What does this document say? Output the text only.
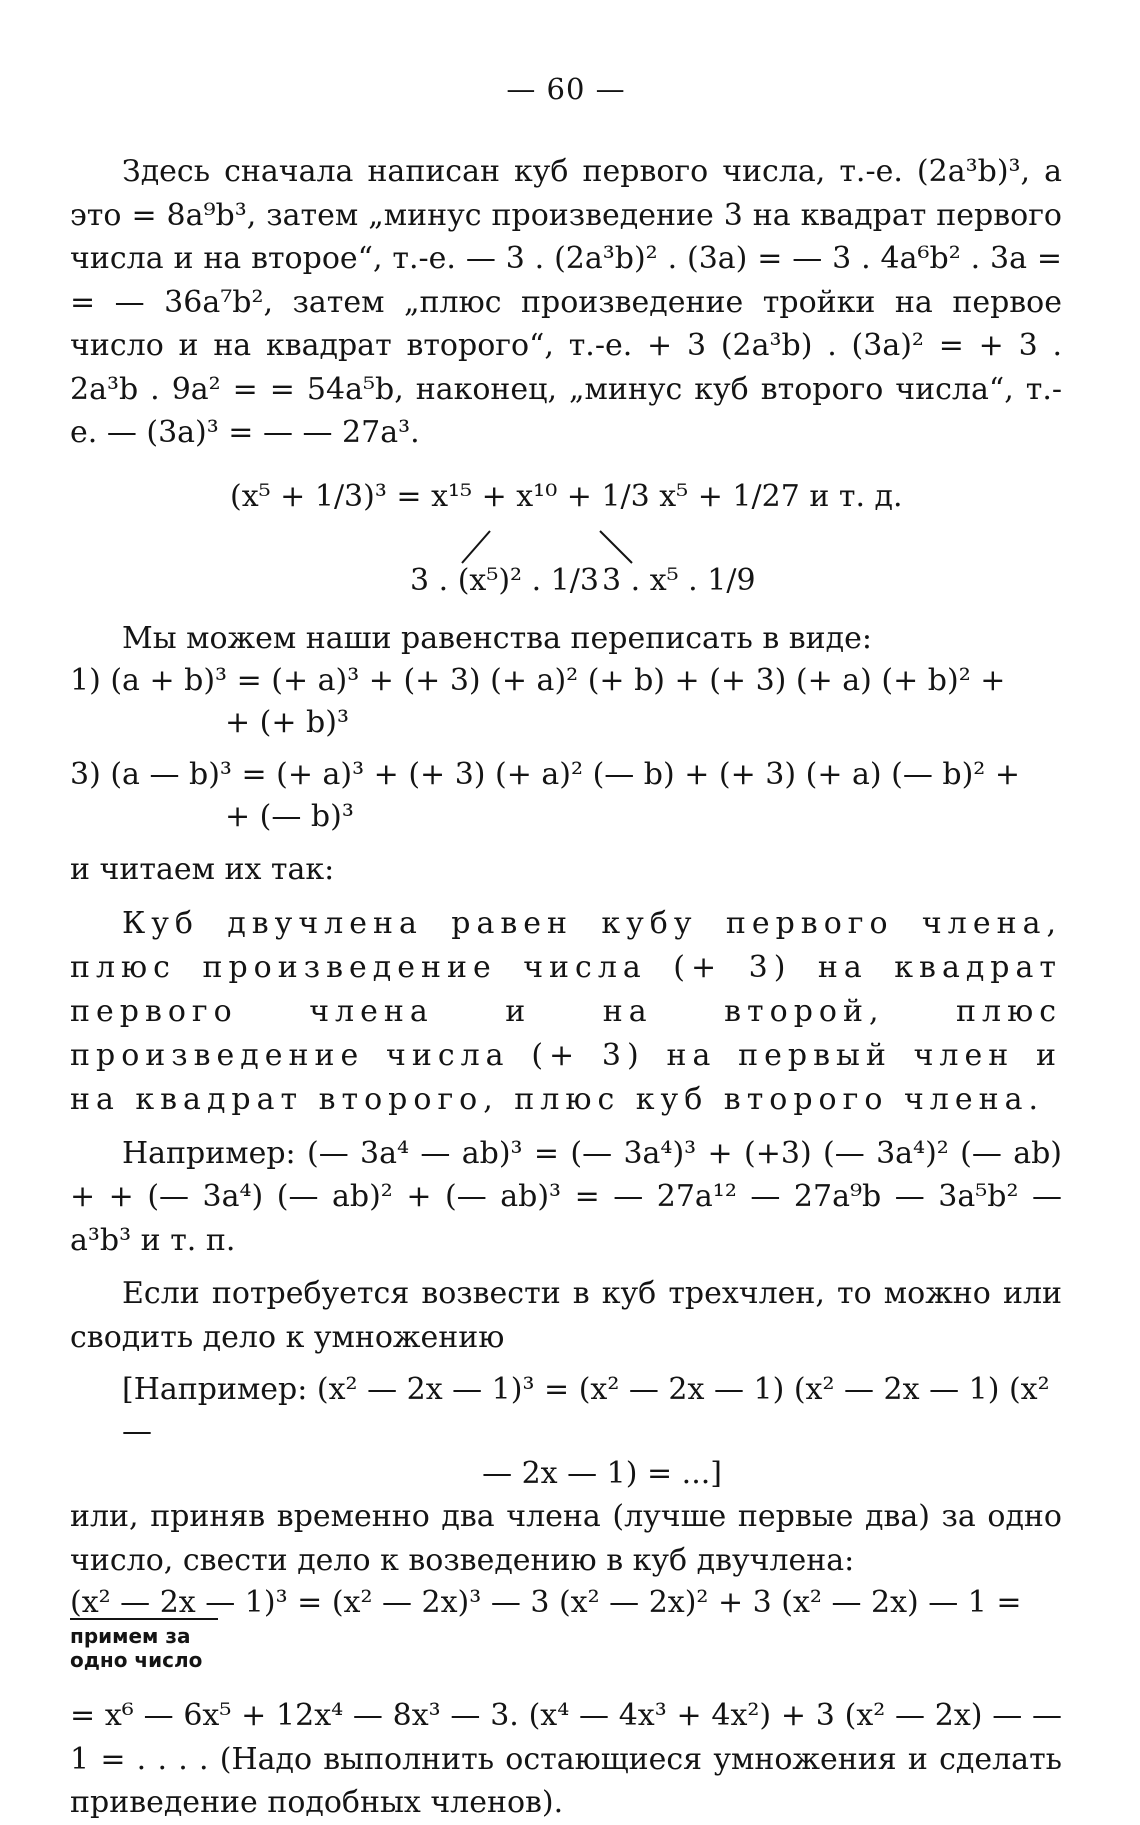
— 60 —

Здесь сначала написан куб первого числа, т.-е. (2a³b)³, а это = 8a⁹b³, затем „минус произведение 3 на квадрат первого числа и на второе“, т.-е. — 3 . (2a³b)² . (3a) = — 3 . 4a⁶b² . 3a = = — 36a⁷b², затем „плюс произведение тройки на первое число и на квадрат второго“, т.-е. + 3 (2a³b) . (3a)² = + 3 . 2a³b . 9a² = = 54a⁵b, наконец, „минус куб второго числа“, т.-е. — (3a)³ = — — 27a³.

(x⁵ + 1/3)³ = x¹⁵ + x¹⁰ + 1/3 x⁵ + 1/27 и т. д.
3 . (x⁵)² . 1/3 3 . x⁵ . 1/9

Мы можем наши равенства переписать в виде:

1) (a + b)³ = (+ a)³ + (+ 3) (+ a)² (+ b) + (+ 3) (+ a) (+ b)² +
+ (+ b)³
3) (a — b)³ = (+ a)³ + (+ 3) (+ a)² (— b) + (+ 3) (+ a) (— b)² +
+ (— b)³

и читаем их так:

Куб двучлена равен кубу первого члена, плюс произведение числа (+ 3) на квадрат первого члена и на второй, плюс произведение числа (+ 3) на первый член и на квадрат второго, плюс куб второго члена.

Например: (— 3a⁴ — ab)³ = (— 3a⁴)³ + (+3) (— 3a⁴)² (— ab) + + (— 3a⁴) (— ab)² + (— ab)³ = — 27a¹² — 27a⁹b — 3a⁵b² — a³b³ и т. п.

Если потребуется возвести в куб трехчлен, то можно или сводить дело к умножению

[Например: (x² — 2x — 1)³ = (x² — 2x — 1) (x² — 2x — 1) (x² —
— 2x — 1) = ...]

или, приняв временно два члена (лучше первые два) за одно число, свести дело к возведению в куб двучлена:

(x² — 2x — 1)³ = (x² — 2x)³ — 3 (x² — 2x)² + 3 (x² — 2x) — 1 =
примем за одно число

= x⁶ — 6x⁵ + 12x⁴ — 8x³ — 3. (x⁴ — 4x³ + 4x²) + 3 (x² — 2x) — — 1 = . . . . (Надо выполнить остающиеся умножения и сделать приведение подобных членов).
